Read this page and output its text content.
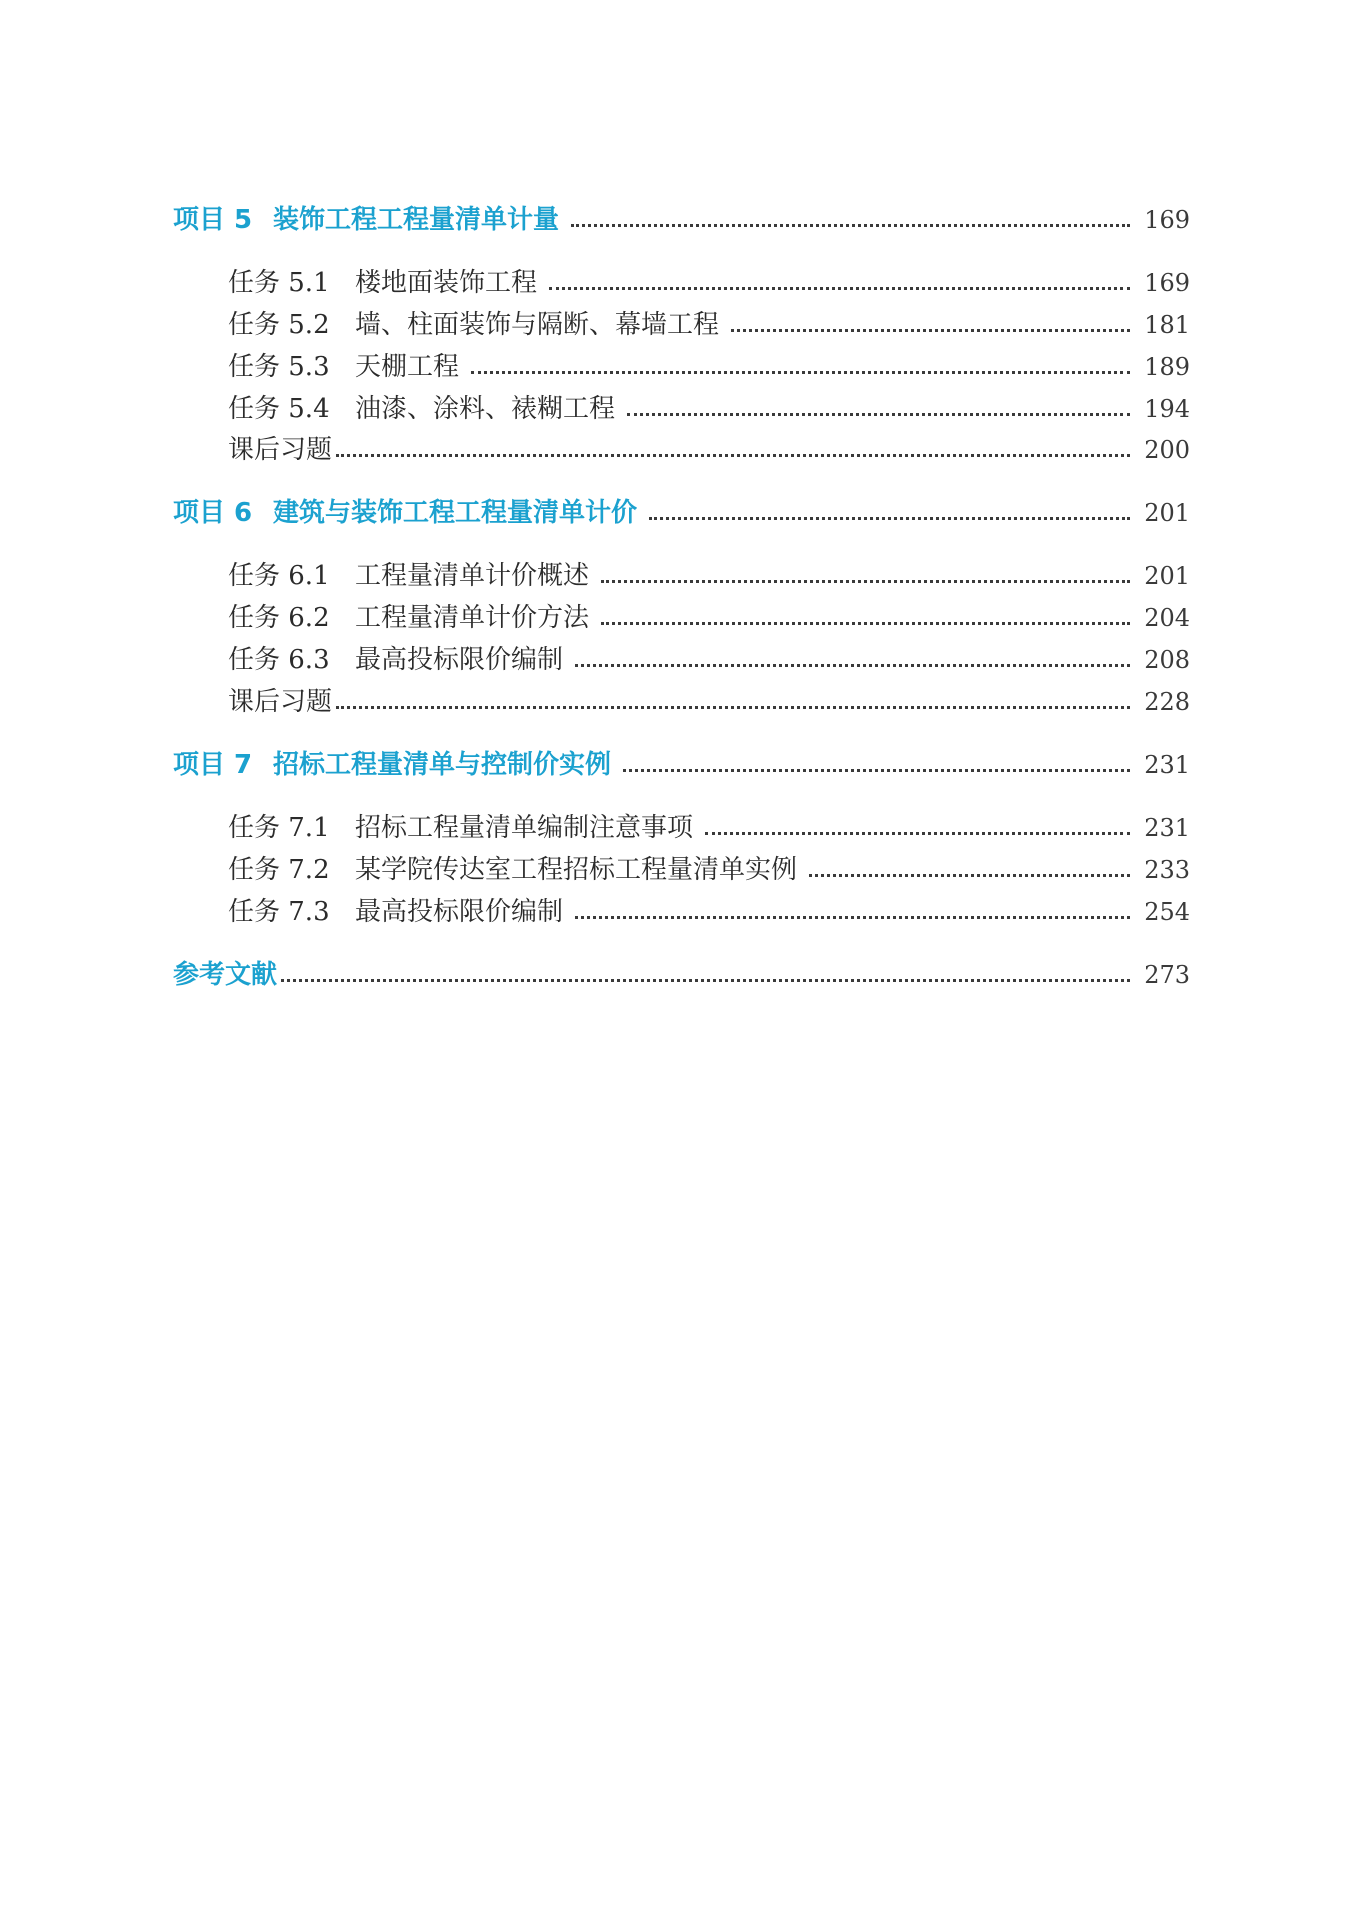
项目 5 装饰工程工程量清单计量	169
任务 5.1 楼地面装饰工程	169
任务 5.2 墙、柱面装饰与隔断、幕墙工程	181
任务 5.3 天棚工程	189
任务 5.4 油漆、涂料、裱糊工程	194
课后习题	200
项目 6 建筑与装饰工程工程量清单计价	201
任务 6.1 工程量清单计价概述	201
任务 6.2 工程量清单计价方法	204
任务 6.3 最高投标限价编制	208
课后习题	228
项目 7 招标工程量清单与控制价实例	231
任务 7.1 招标工程量清单编制注意事项	231
任务 7.2 某学院传达室工程招标工程量清单实例	233
任务 7.3 最高投标限价编制	254
参考文献	273
